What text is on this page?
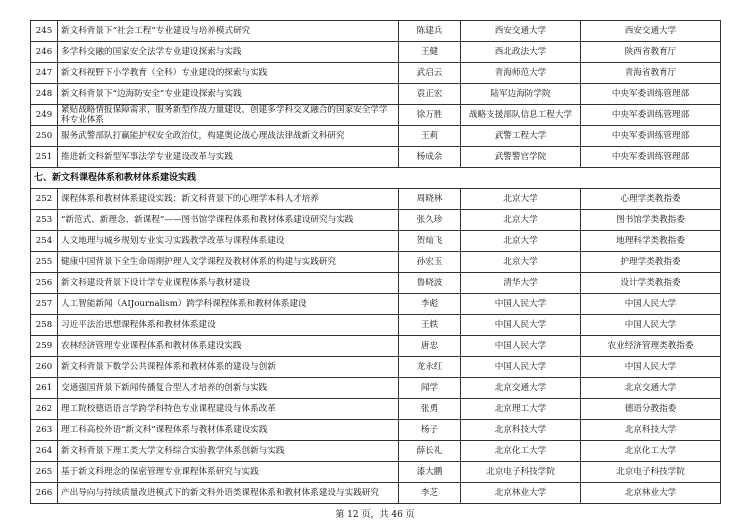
245	新文科背景下“社会工程”专业建设与培养模式研究	陈建兵	西安交通大学	西安交通大学
246	多学科交融的国家安全法学专业建设探索与实践	王健	西北政法大学	陕西省教育厅
247	新文科视野下小学教育（全科）专业建设的探索与实践	武启云	青海师范大学	青海省教育厅
248	新文科背景下“边海防安全”专业建设探索与实践	袁正宏	陆军边海防学院	中央军委训练管理部
249	紧贴战略情报保障需求，服务新型作战力量建设，创建多学科交叉融合的国家安全学学科专业体系	徐万胜	战略支援部队信息工程大学	中央军委训练管理部
250	服务武警部队打赢能护权安全政治仗，构建奥论战心理战法律战新文科研究	王莉	武警工程大学	中央军委训练管理部
251	推进新文科新型军事法学专业建设改革与实践	杨成余	武警警官学院	中央军委训练管理部
七、新文科课程体系和教材体系建设实践				
252	课程体系和教材体系建设实践：新文科背景下的心理学本科人才培养	周晓林	北京大学	心理学类教指委
253	“新范式、新理念、新课程”——图书馆学课程体系和教材体系建设研究与实践	张久珍	北京大学	图书馆学类教指委
254	人文地理与城乡规划专业实习实践教学改革与课程体系建设	贺灿飞	北京大学	地理科学类教指委
255	健康中国背景下全生命周期护理人文学课程及教材体系的构建与实践研究	孙宏玉	北京大学	护理学类教指委
256	新文科建设背景下设计学专业课程体系与教材建设	鲁晓波	清华大学	设计学类教指委
257	人工智能新闻（AIJournalism）跨学科课程体系和教材体系建设	李彪	中国人民大学	中国人民大学
258	习近平法治思想课程体系和教材体系建设	王轶	中国人民大学	中国人民大学
259	农林经济管理专业课程体系和教材体系建设实践	唐忠	中国人民大学	农业经济管理类教指委
260	新文科背景下数学公共课程体系和教材体系的建设与创新	龙永红	中国人民大学	中国人民大学
261	交通强国背景下新闻传播复合型人才培养的创新与实践	闻学	北京交通大学	北京交通大学
262	理工院校德语语言学跨学科特色专业课程建设与体系改革	张勇	北京理工大学	德语分教指委
263	理工科高校外语“新文科”课程体系与教材体系建设实践	杨子	北京科技大学	北京科技大学
264	新文科背景下理工类大学文科综合实验教学体系创新与实践	薛长礼	北京化工大学	北京化工大学
265	基于新文科理念的保密管理专业课程体系研究与实践	漆大鹏	北京电子科技学院	北京电子科技学院
266	产出导向与持续质量改进模式下的新文科外语类课程体系和教材体系建设与实践研究	李芝	北京林业大学	北京林业大学
第 12 页，共 46 页
